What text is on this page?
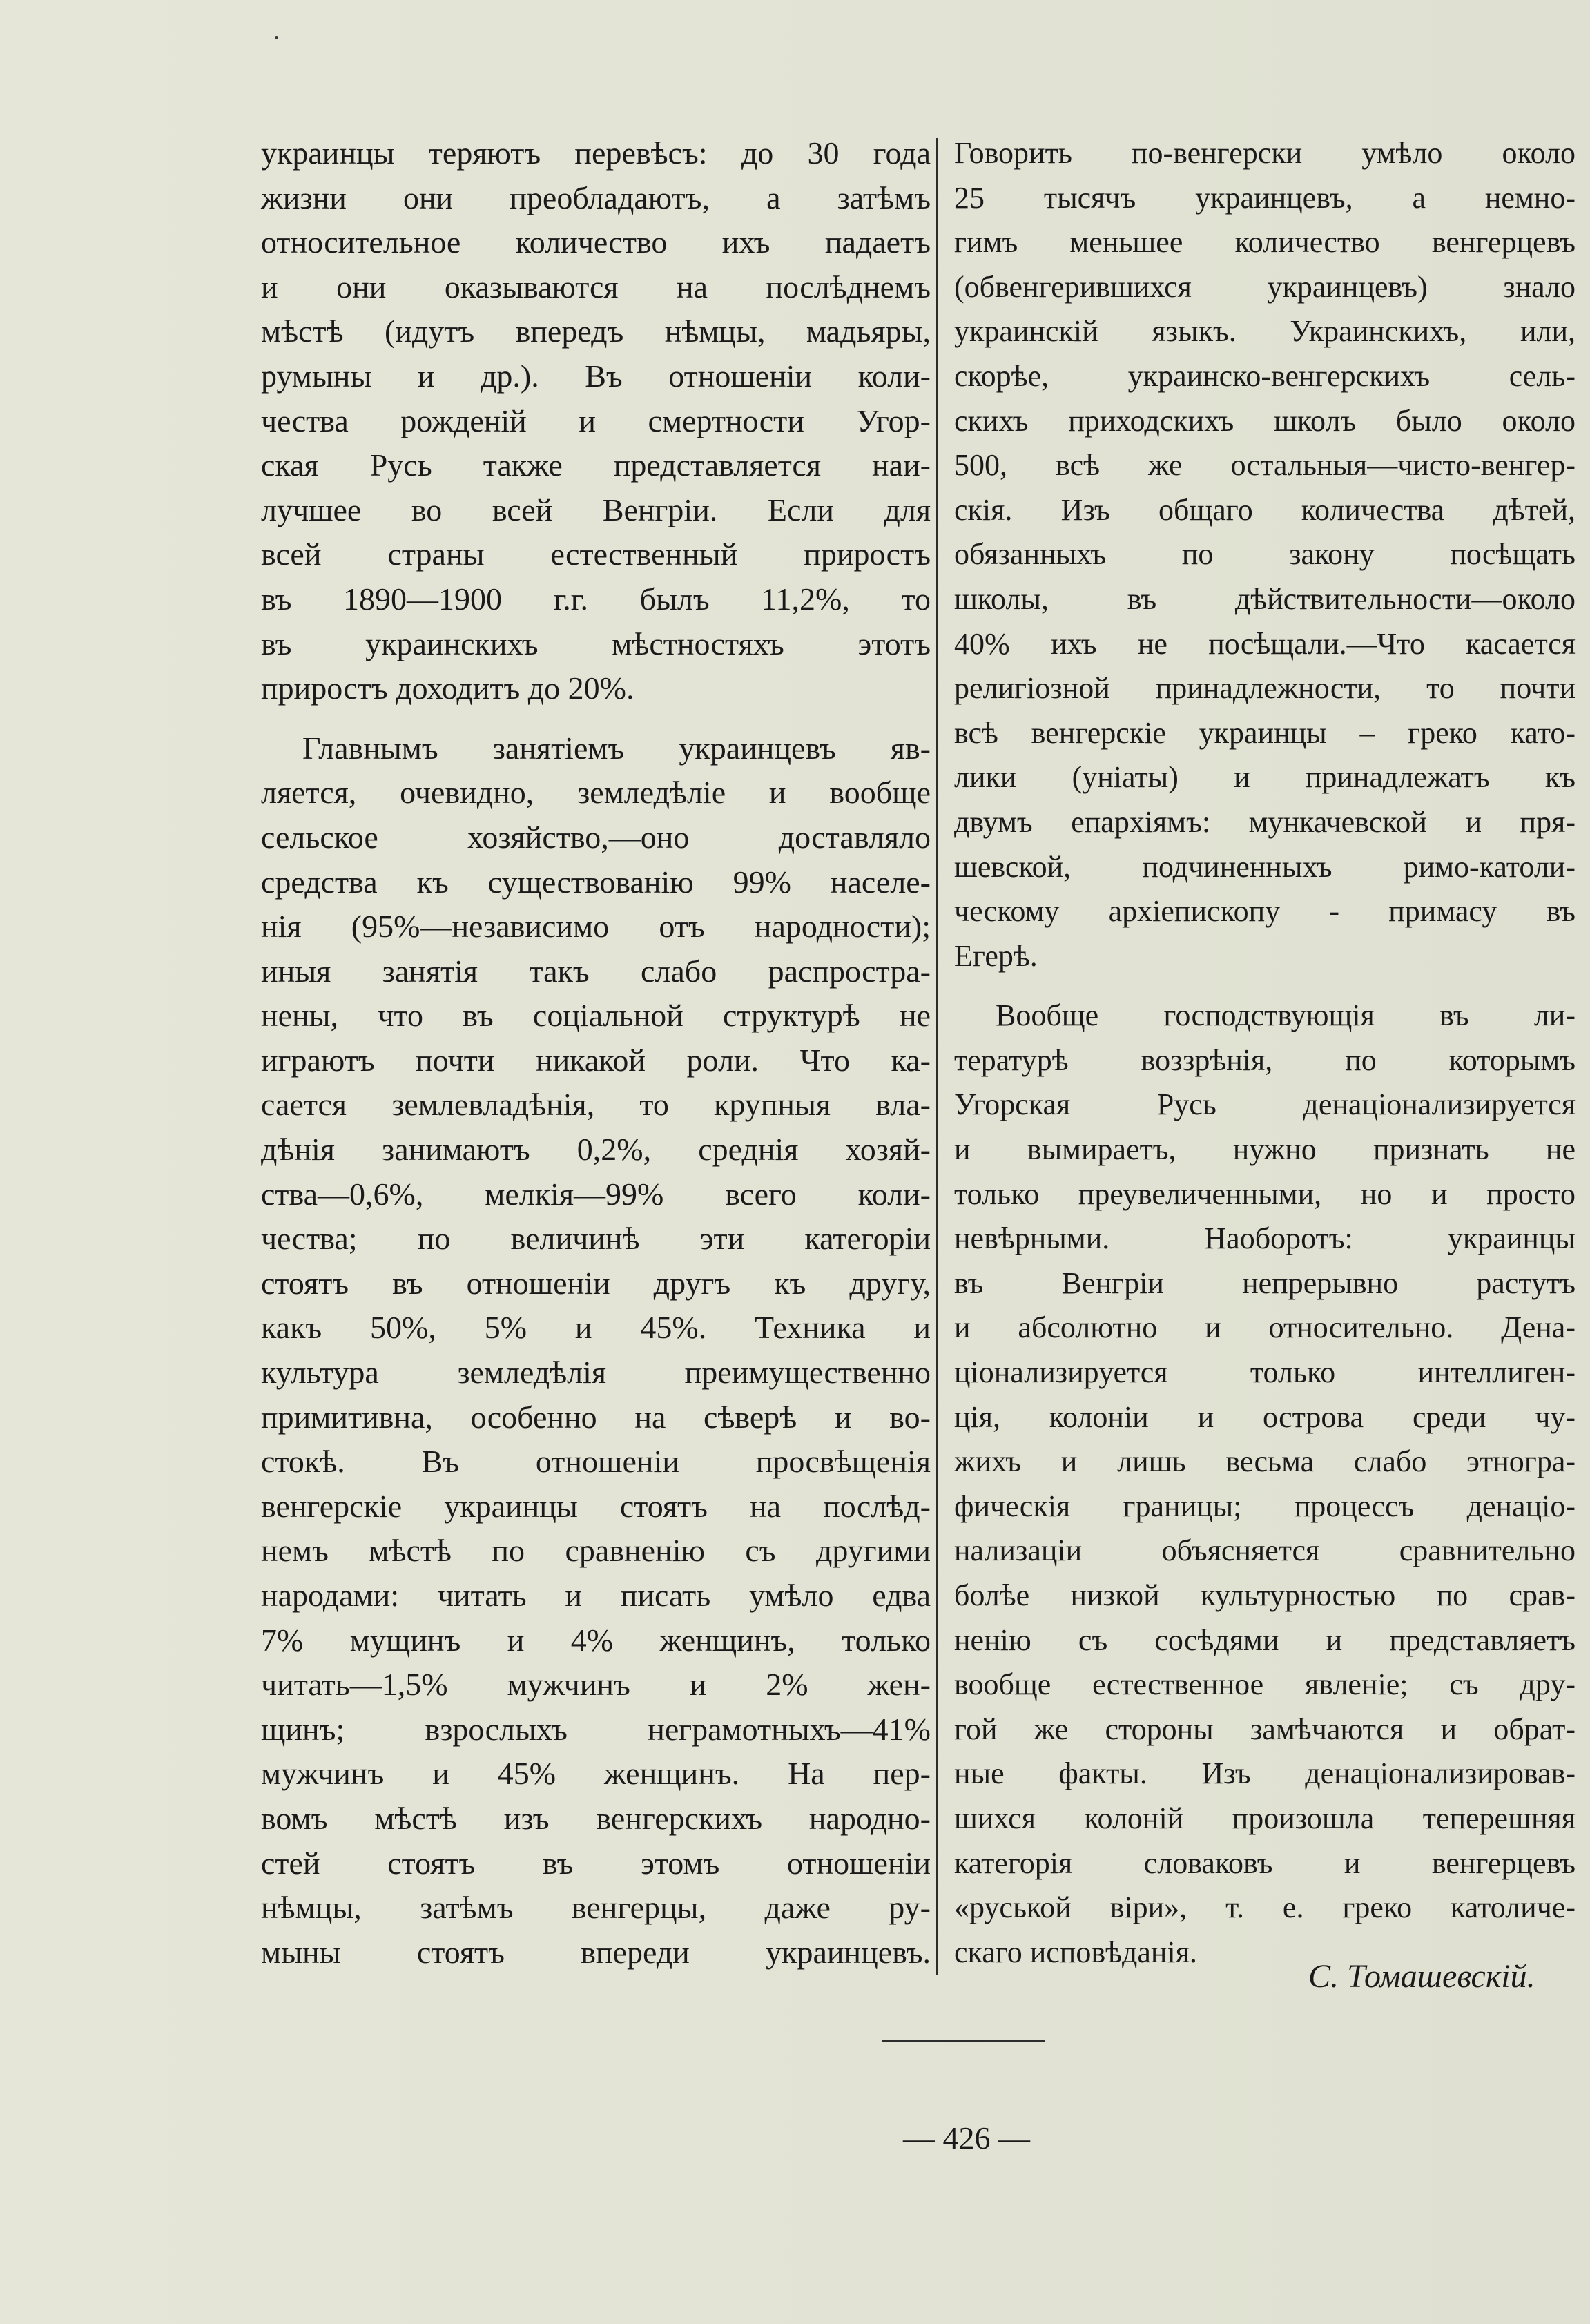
украинцы теряютъ перевѣсъ: до 30 года
жизни они преобладаютъ, а затѣмъ
относительное количество ихъ падаетъ
и они оказываются на послѣднемъ
мѣстѣ (идутъ впередъ нѣмцы, мадьяры,
румыны и др.). Въ отношеніи коли-
чества рожденій и смертности Угор-
ская Русь также представляется наи-
лучшее во всей Венгріи. Если для
всей страны естественный приростъ
въ 1890—1900 г.г. былъ 11,2%, то
въ украинскихъ мѣстностяхъ этотъ
приростъ доходитъ до 20%.
Главнымъ занятіемъ украинцевъ яв-
ляется, очевидно, земледѣліе и вообще
сельское хозяйство,—оно доставляло
средства къ существованію 99% населе-
нія (95%—независимо отъ народности);
иныя занятія такъ слабо распростра-
нены, что въ соціальной структурѣ не
играютъ почти никакой роли. Что ка-
сается землевладѣнія, то крупныя вла-
дѣнія занимаютъ 0,2%, среднія хозяй-
ства—0,6%, мелкія—99% всего коли-
чества; по величинѣ эти категоріи
стоятъ въ отношеніи другъ къ другу,
какъ 50%, 5% и 45%. Техника и
культура земледѣлія преимущественно
примитивна, особенно на сѣверѣ и во-
стокѣ. Въ отношеніи просвѣщенія
венгерскіе украинцы стоятъ на послѣд-
немъ мѣстѣ по сравненію съ другими
народами: читать и писать умѣло едва
7% мущинъ и 4% женщинъ, только
читать—1,5% мужчинъ и 2% жен-
щинъ; взрослыхъ неграмотныхъ—41%
мужчинъ и 45% женщинъ. На пер-
вомъ мѣстѣ изъ венгерскихъ народно-
стей стоятъ въ этомъ отношеніи
нѣмцы, затѣмъ венгерцы, даже ру-
мыны стоятъ впереди украинцевъ.
Говорить по-венгерски умѣло около
25 тысячъ украинцевъ, а немно-
гимъ меньшее количество венгерцевъ
(обвенгерившихся украинцевъ) знало
украинскій языкъ. Украинскихъ, или,
скорѣе, украинско-венгерскихъ сель-
скихъ приходскихъ школъ было около
500, всѣ же остальныя—чисто-венгер-
скія. Изъ общаго количества дѣтей,
обязанныхъ по закону посѣщать
школы, въ дѣйствительности—около
40% ихъ не посѣщали.—Что касается
религіозной принадлежности, то почти
всѣ венгерскіе украинцы – греко като-
лики (уніаты) и принадлежатъ къ
двумъ епархіямъ: мункачевской и пря-
шевской, подчиненныхъ римо-католи-
ческому архіепископу - примасу въ
Егерѣ.
Вообще господствующія въ ли-
тературѣ воззрѣнія, по которымъ
Угорская Русь денаціонализируется
и вымираетъ, нужно признать не
только преувеличенными, но и просто
невѣрными. Наоборотъ: украинцы
въ Венгріи непрерывно растутъ
и абсолютно и относительно. Дена-
ціонализируется только интеллиген-
ція, колоніи и острова среди чу-
жихъ и лишь весьма слабо этногра-
фическія границы; процессъ денаціо-
нализаціи объясняется сравнительно
болѣе низкой культурностью по срав-
ненію съ сосѣдями и представляетъ
вообще естественное явленіе; съ дру-
гой же стороны замѣчаются и обрат-
ные факты. Изъ денаціонализировав-
шихся колоній произошла теперешняя
категорія словаковъ и венгерцевъ
«руськой віри», т. е. греко католиче-
скаго исповѣданія.
С. Томашевскій.
— 426 —
